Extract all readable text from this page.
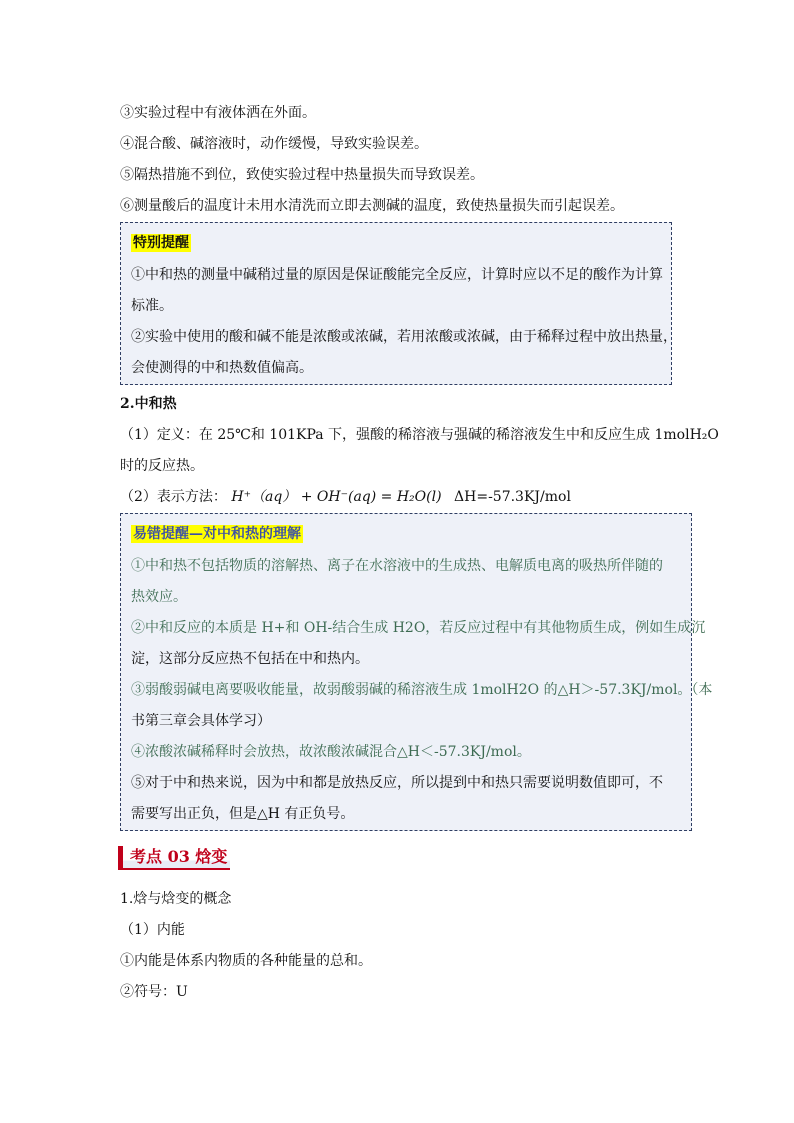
③实验过程中有液体洒在外面。
④混合酸、碱溶液时，动作缓慢，导致实验误差。
⑤隔热措施不到位，致使实验过程中热量损失而导致误差。
⑥测量酸后的温度计未用水清洗而立即去测碱的温度，致使热量损失而引起误差。
特别提醒
①中和热的测量中碱稍过量的原因是保证酸能完全反应，计算时应以不足的酸作为计算
标准。
②实验中使用的酸和碱不能是浓酸或浓碱，若用浓酸或浓碱，由于稀释过程中放出热量，
会使测得的中和热数值偏高。
2.中和热
（1）定义：在 25℃和 101KPa 下，强酸的稀溶液与强碱的稀溶液发生中和反应生成 1molH₂O
时的反应热。
（2）表示方法： H⁺（aq） + OH⁻(aq) = H₂O(l) ΔH=-57.3KJ/mol
易错提醒—对中和热的理解
①中和热不包括物质的溶解热、离子在水溶液中的生成热、电解质电离的吸热所伴随的
热效应。
②中和反应的本质是 H+和 OH-结合生成 H2O，若反应过程中有其他物质生成，例如生成沉
淀，这部分反应热不包括在中和热内。
③弱酸弱碱电离要吸收能量，故弱酸弱碱的稀溶液生成 1molH2O 的△H＞-57.3KJ/mol。（本
书第三章会具体学习）
④浓酸浓碱稀释时会放热，故浓酸浓碱混合△H＜-57.3KJ/mol。
⑤对于中和热来说，因为中和都是放热反应，所以提到中和热只需要说明数值即可，不
需要写出正负，但是△H 有正负号。
考点 03 焓变
1.焓与焓变的概念
（1）内能
①内能是体系内物质的各种能量的总和。
②符号：U
